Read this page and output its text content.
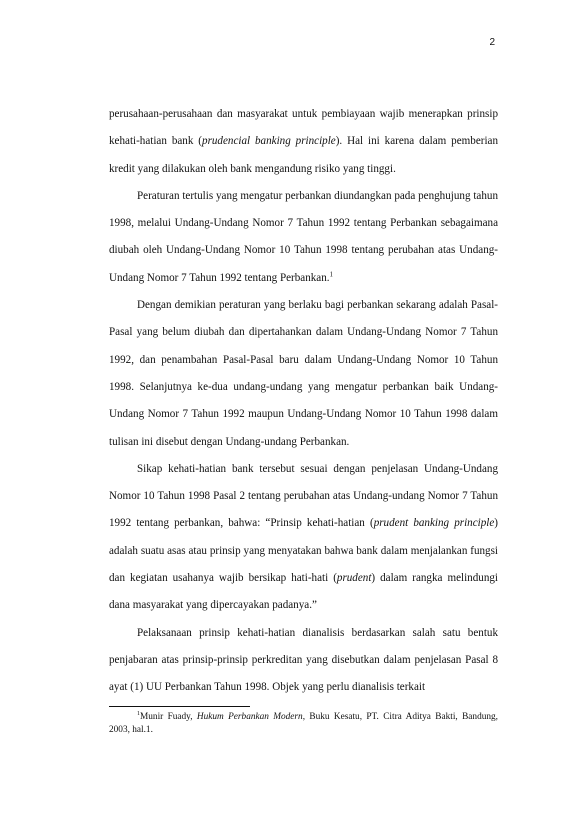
2

perusahaan-perusahaan dan masyarakat untuk pembiayaan wajib menerapkan prinsip kehati-hatian bank (prudencial banking principle). Hal ini karena dalam pemberian kredit yang dilakukan oleh bank mengandung risiko yang tinggi.

Peraturan tertulis yang mengatur perbankan diundangkan pada penghujung tahun 1998, melalui Undang-Undang Nomor 7 Tahun 1992 tentang Perbankan sebagaimana diubah oleh Undang-Undang Nomor 10 Tahun 1998 tentang perubahan atas Undang-Undang Nomor 7 Tahun 1992 tentang Perbankan.$^1$

Dengan demikian peraturan yang berlaku bagi perbankan sekarang adalah Pasal-Pasal yang belum diubah dan dipertahankan dalam Undang-Undang Nomor 7 Tahun 1992, dan penambahan Pasal-Pasal baru dalam Undang-Undang Nomor 10 Tahun 1998. Selanjutnya ke-dua undang-undang yang mengatur perbankan baik Undang-Undang Nomor 7 Tahun 1992 maupun Undang-Undang Nomor 10 Tahun 1998 dalam tulisan ini disebut dengan Undang-undang Perbankan.

Sikap kehati-hatian bank tersebut sesuai dengan penjelasan Undang-Undang Nomor 10 Tahun 1998 Pasal 2 tentang perubahan atas Undang-undang Nomor 7 Tahun 1992 tentang perbankan, bahwa: “Prinsip kehati-hatian (prudent banking principle) adalah suatu asas atau prinsip yang menyatakan bahwa bank dalam menjalankan fungsi dan kegiatan usahanya wajib bersikap hati-hati (prudent) dalam rangka melindungi dana masyarakat yang dipercayakan padanya.”

Pelaksanaan prinsip kehati-hatian dianalisis berdasarkan salah satu bentuk penjabaran atas prinsip-prinsip perkreditan yang disebutkan dalam penjelasan Pasal 8 ayat (1) UU Perbankan Tahun 1998. Objek yang perlu dianalisis terkait

$^1$Munir Fuady, Hukum Perbankan Modern, Buku Kesatu, PT. Citra Aditya Bakti, Bandung, 2003, hal.1.
